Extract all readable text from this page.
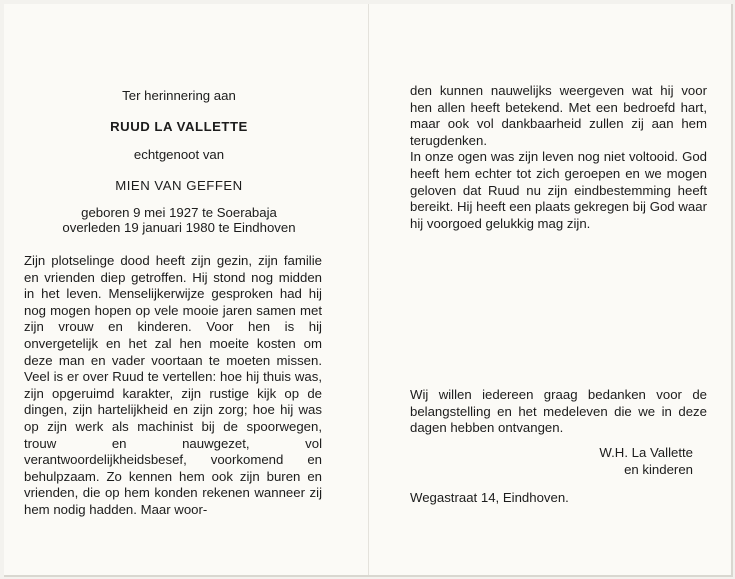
Ter herinnering aan
RUUD LA VALLETTE
echtgenoot van
MIEN VAN GEFFEN
geboren 9 mei 1927 te Soerabaja
overleden 19 januari 1980 te Eindhoven

Zijn plotselinge dood heeft zijn gezin, zijn familie en vrienden diep getroffen. Hij stond nog midden in het leven. Menselijkerwijze gesproken had hij nog mogen hopen op vele mooie jaren samen met zijn vrouw en kinderen. Voor hen is hij onvergetelijk en het zal hen moeite kosten om deze man en vader voortaan te moeten missen. Veel is er over Ruud te vertellen: hoe hij thuis was, zijn opgeruimd karakter, zijn rustige kijk op de dingen, zijn hartelijkheid en zijn zorg; hoe hij was op zijn werk als machinist bij de spoorwegen, trouw en nauwgezet, vol verantwoordelijkheidsbesef, voorkomend en behulpzaam. Zo kennen hem ook zijn buren en vrienden, die op hem konden rekenen wanneer zij hem nodig hadden. Maar woor-

den kunnen nauwelijks weergeven wat hij voor hen allen heeft betekend. Met een bedroefd hart, maar ook vol dankbaarheid zullen zij aan hem terugdenken.

In onze ogen was zijn leven nog niet voltooid. God heeft hem echter tot zich geroepen en we mogen geloven dat Ruud nu zijn eindbestemming heeft bereikt. Hij heeft een plaats gekregen bij God waar hij voorgoed gelukkig mag zijn.

Wij willen iedereen graag bedanken voor de belangstelling en het medeleven die we in deze dagen hebben ontvangen.

W.H. La Vallette
en kinderen
Wegastraat 14, Eindhoven.
